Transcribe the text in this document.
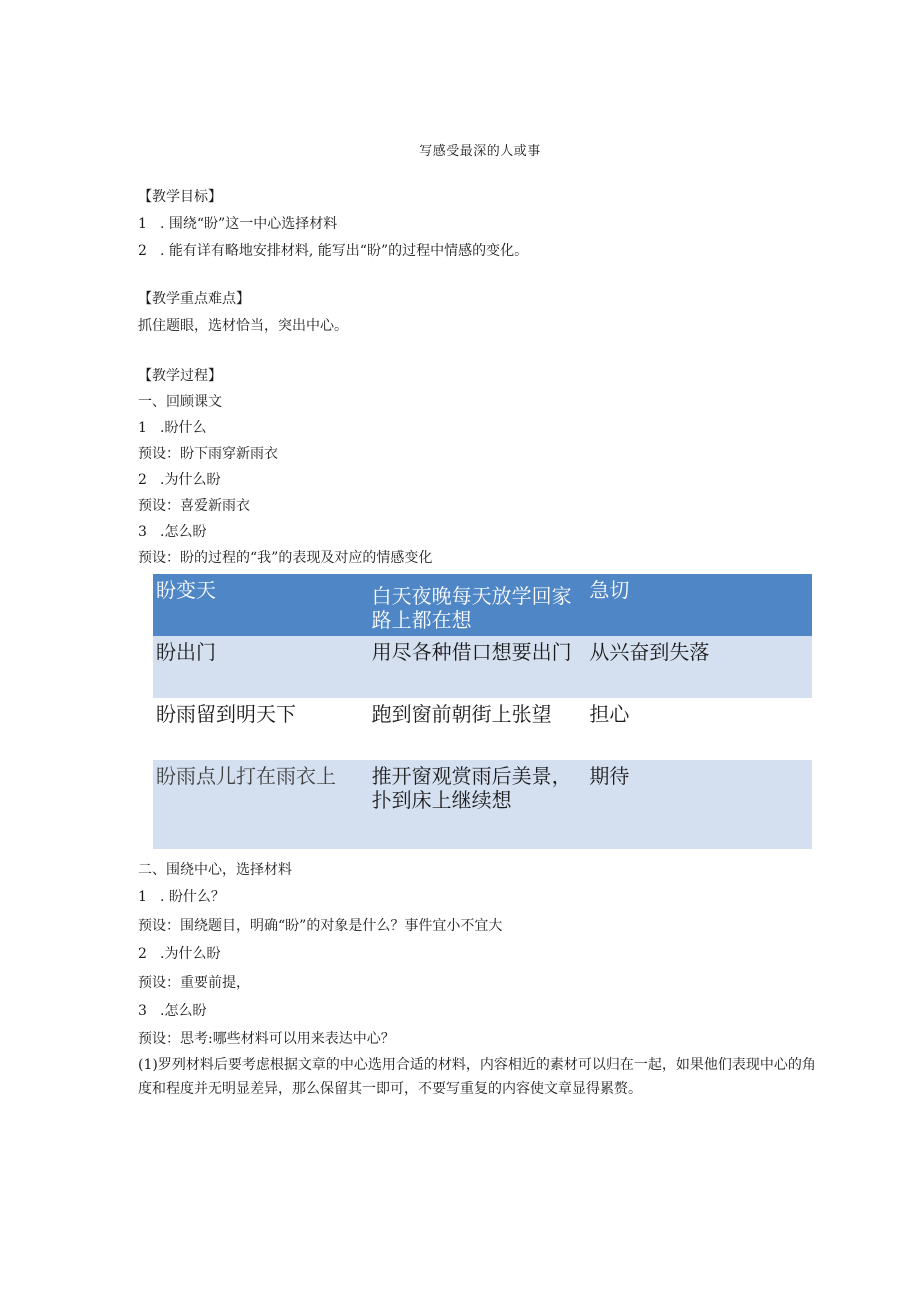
写感受最深的人或事
【教学目标】
1 . 围绕“盼”这一中心选择材料
2 . 能有详有略地安排材料, 能写出“盼”的过程中情感的变化。
【教学重点难点】
抓住题眼，选材恰当，突出中心。
【教学过程】
一、回顾课文
1 .盼什么
预设：盼下雨穿新雨衣
2 .为什么盼
预设：喜爱新雨衣
3 .怎么盼
预设：盼的过程的“我”的表现及对应的情感变化
盼变天	白天夜晚每天放学回家路上都在想	急切
盼出门	用尽各种借口想要出门	从兴奋到失落
盼雨留到明天下	跑到窗前朝街上张望	担心
盼雨点儿打在雨衣上	推开窗观赏雨后美景，扑到床上继续想	期待
二、围绕中心，选择材料
1 . 盼什么？
预设：围绕题目，明确“盼”的对象是什么？事件宜小不宜大
2 .为什么盼
预设：重要前提，
3 .怎么盼
预设：思考:哪些材料可以用来表达中心？
(1)罗列材料后要考虑根据文章的中心选用合适的材料，内容相近的素材可以归在一起，如果他们表现中心的角度和程度并无明显差异，那么保留其一即可，不要写重复的内容使文章显得累赘。
